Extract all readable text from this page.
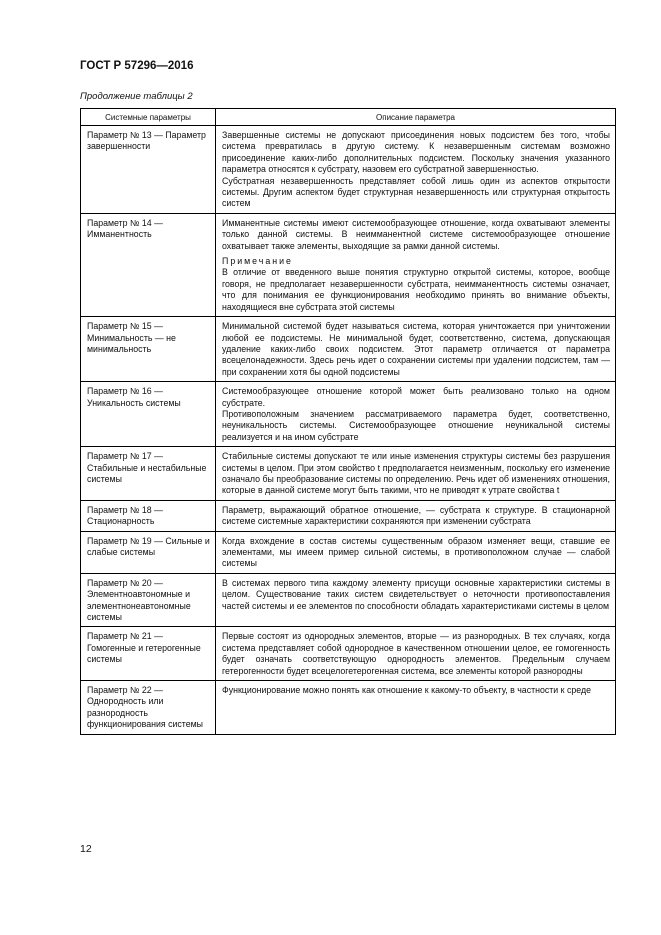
ГОСТ Р 57296—2016
Продолжение таблицы 2
Системные параметры	Описание параметра
Параметр № 13 — Параметр завершенности	Завершенные системы не допускают присоединения новых подсистем без того, чтобы система превратилась в другую систему. К незавершенным системам возможно присоединение каких-либо дополнительных подсистем. Поскольку значения указанного параметра относятся к субстрату, назовем его субстратной завершенностью.

Субстратная незавершенность представляет собой лишь один из аспектов открытости системы. Другим аспектом будет структурная незавершенность или структурная открытость систем

Параметр № 14 — Имманентность	Имманентные системы имеют системообразующее отношение, когда охватывают элементы только данной системы. В неимманентной системе системообразующее отношение охватывает также элементы, выходящие за рамки данной системы.

Примечание

В отличие от введенного выше понятия структурно открытой системы, которое, вообще говоря, не предполагает незавершенности субстрата, неимманентность системы означает, что для понимания ее функционирования необходимо принять во внимание объекты, находящиеся вне субстрата этой системы

Параметр № 15 — Минимальность — не минимальность	Минимальной системой будет называться система, которая уничтожается при уничтожении любой ее подсистемы. Не минимальной будет, соответственно, система, допускающая удаление каких-либо своих подсистем. Этот параметр отличается от параметра всецелонадежности. Здесь речь идет о сохранении системы при удалении подсистем, там — при сохранении хотя бы одной подсистемы

Параметр № 16 — Уникальность системы	Системообразующее отношение которой может быть реализовано только на одном субстрате.

Противоположным значением рассматриваемого параметра будет, соответственно, неуникальность системы. Системообразующее отношение неуникальной системы реализуется и на ином субстрате

Параметр № 17 — Стабильные и нестабильные системы	Стабильные системы допускают те или иные изменения структуры системы без разрушения системы в целом. При этом свойство t предполагается неизменным, поскольку его изменение означало бы преобразование системы по определению. Речь идет об изменениях отношения, которые в данной системе могут быть такими, что не приводят к утрате свойства t

Параметр № 18 — Стационарность	Параметр, выражающий обратное отношение, — субстрата к структуре. В стационарной системе системные характеристики сохраняются при изменении субстрата

Параметр № 19 — Сильные и слабые системы	Когда вхождение в состав системы существенным образом изменяет вещи, ставшие ее элементами, мы имеем пример сильной системы, в противоположном случае — слабой системы

Параметр № 20 — Элементноавтономные и элементнонеавтономные системы	В системах первого типа каждому элементу присущи основные характеристики системы в целом. Существование таких систем свидетельствует о неточности противопоставления частей системы и ее элементов по способности обладать характеристиками системы в целом

Параметр № 21 — Гомогенные и гетерогенные системы	Первые состоят из однородных элементов, вторые — из разнородных. В тех случаях, когда система представляет собой однородное в качественном отношении целое, ее гомогенность будет означать соответствующую однородность элементов. Предельным случаем гетерогенности будет всецелогетерогенная система, все элементы которой разнородны

Параметр № 22 — Однородность или разнородность функционирования системы	Функционирование можно понять как отношение к какому-то объекту, в частности к среде

12
